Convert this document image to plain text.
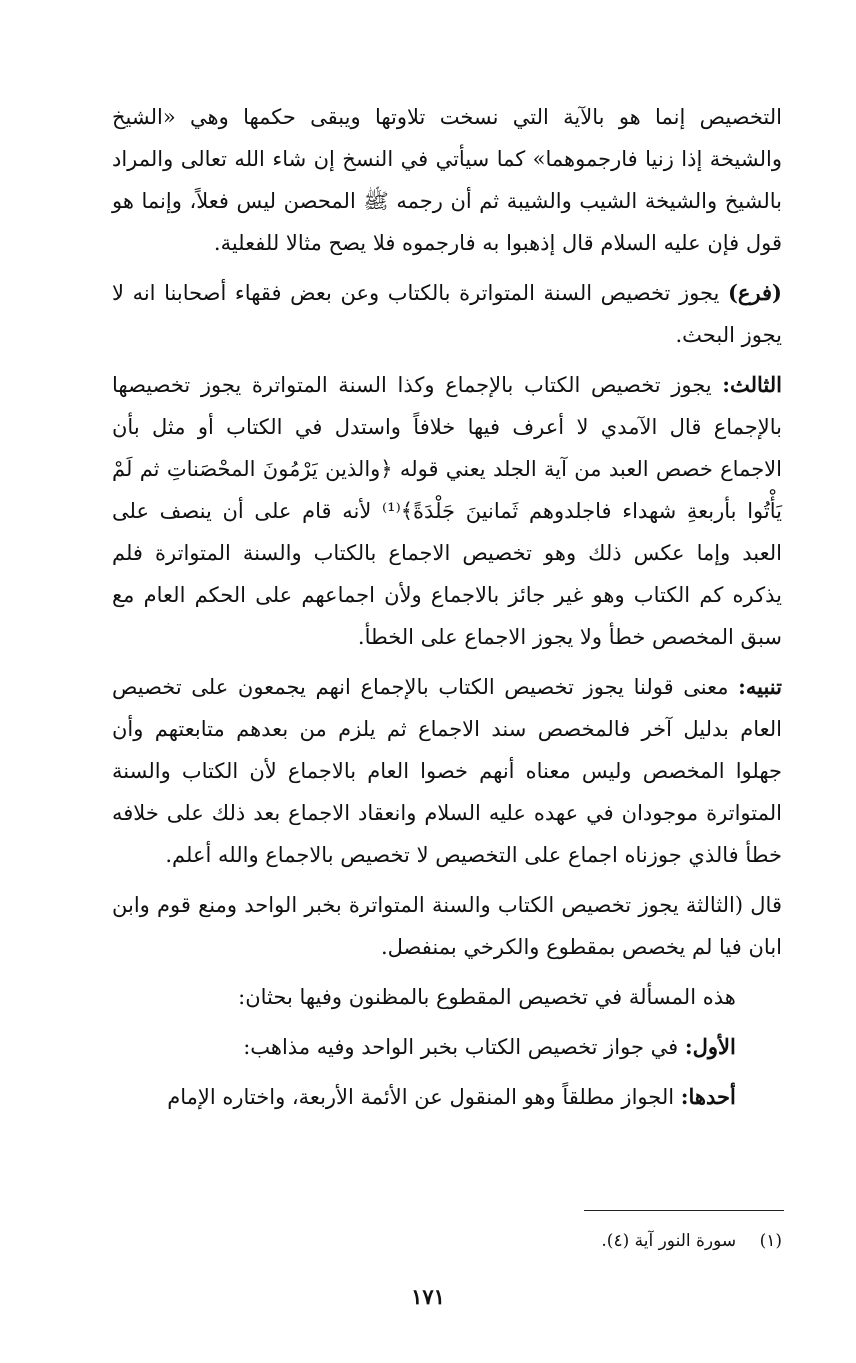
التخصيص إنما هو بالآية التي نسخت تلاوتها ويبقى حكمها وهي «الشيخ والشيخة إذا زنيا فارجموهما» كما سيأتي في النسخ إن شاء الله تعالى والمراد بالشيخ والشيخة الشيب والشيبة ثم أن رجمه ﷺ المحصن ليس فعلاً، وإنما هو قول فإن عليه السلام قال إذهبوا به فارجموه فلا يصح مثالا للفعلية.

(فرع) يجوز تخصيص السنة المتواترة بالكتاب وعن بعض فقهاء أصحابنا انه لا يجوز البحث.

الثالث: يجوز تخصيص الكتاب بالإجماع وكذا السنة المتواترة يجوز تخصيصها بالإجماع قال الآمدي لا أعرف فيها خلافاً واستدل في الكتاب أو مثل بأن الاجماع خصص العبد من آية الجلد يعني قوله ﴿والذين يَرْمُونَ المحْصَناتِ ثم لَمْ يَأْتُوا بأربعةِ شهداء فاجلدوهم ثَمانينَ جَلْدَةً﴾⁽¹⁾ لأنه قام على أن ينصف على العبد وإما عكس ذلك وهو تخصيص الاجماع بالكتاب والسنة المتواترة فلم يذكره كم الكتاب وهو غير جائز بالاجماع ولأن اجماعهم على الحكم العام مع سبق المخصص خطأ ولا يجوز الاجماع على الخطأ.

تنبيه: معنى قولنا يجوز تخصيص الكتاب بالإجماع انهم يجمعون على تخصيص العام بدليل آخر فالمخصص سند الاجماع ثم يلزم من بعدهم متابعتهم وأن جهلوا المخصص وليس معناه أنهم خصوا العام بالاجماع لأن الكتاب والسنة المتواترة موجودان في عهده عليه السلام وانعقاد الاجماع بعد ذلك على خلافه خطأ فالذي جوزناه اجماع على التخصيص لا تخصيص بالاجماع والله أعلم.

قال (الثالثة يجوز تخصيص الكتاب والسنة المتواترة بخبر الواحد ومنع قوم وابن ابان فيا لم يخصص بمقطوع والكرخي بمنفصل.

هذه المسألة في تخصيص المقطوع بالمظنون وفيها بحثان:

الأول: في جواز تخصيص الكتاب بخبر الواحد وفيه مذاهب:

أحدها: الجواز مطلقاً وهو المنقول عن الأئمة الأربعة، واختاره الإمام

(١) سورة النور آية (٤).
١٧١
